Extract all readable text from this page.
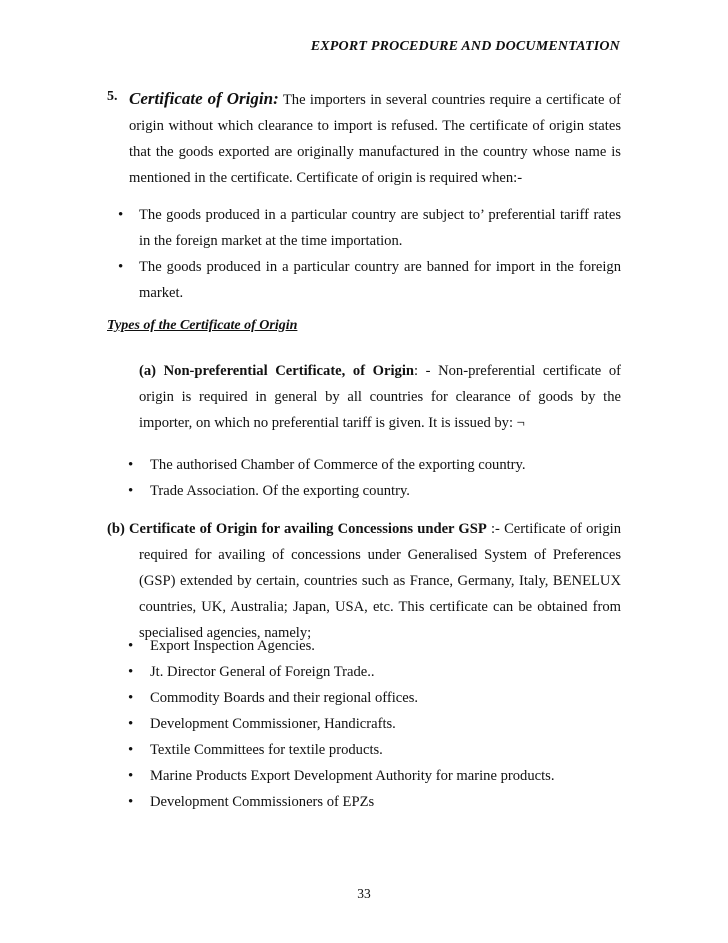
EXPORT PROCEDURE AND DOCUMENTATION
5. Certificate of Origin: The importers in several countries require a certificate of origin without which clearance to import is refused. The certificate of origin states that the goods exported are originally manufactured in the country whose name is mentioned in the certificate. Certificate of origin is required when:-
• The goods produced in a particular country are subject to’ preferential tariff rates in the foreign market at the time importation.
• The goods produced in a particular country are banned for import in the foreign market.
Types of the Certificate of Origin
(a) Non-preferential Certificate, of Origin: - Non-preferential certificate of origin is required in general by all countries for clearance of goods by the importer, on which no preferential tariff is given. It is issued by: ¬
• The authorised Chamber of Commerce of the exporting country.
• Trade Association. Of the exporting country.
(b) Certificate of Origin for availing Concessions under GSP :- Certificate of origin required for availing of concessions under Generalised System of Preferences (GSP) extended by certain, countries such as France, Germany, Italy, BENELUX countries, UK, Australia; Japan, USA, etc. This certificate can be obtained from specialised agencies, namely;
• Export Inspection Agencies.
• Jt. Director General of Foreign Trade..
• Commodity Boards and their regional offices.
• Development Commissioner, Handicrafts.
• Textile Committees for textile products.
• Marine Products Export Development Authority for marine products.
• Development Commissioners of EPZs
33
